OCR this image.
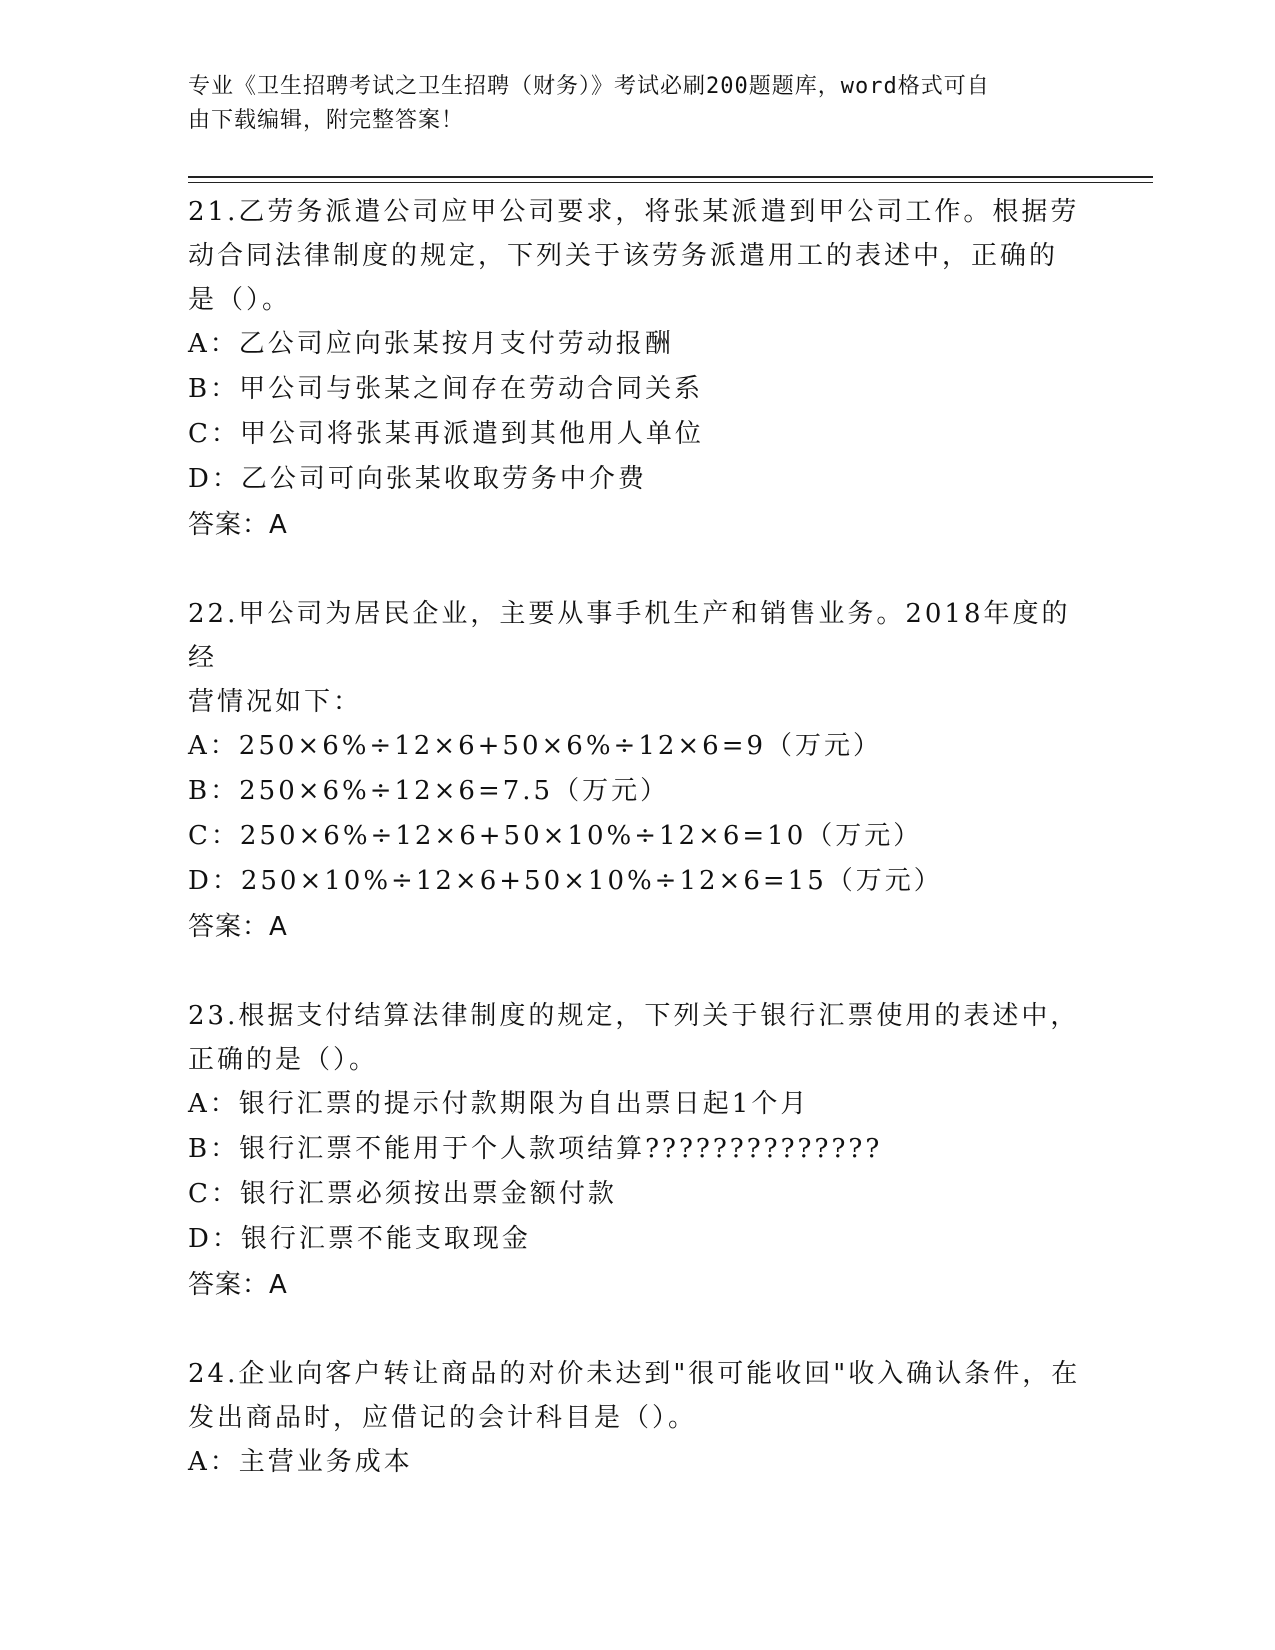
专业《卫生招聘考试之卫生招聘（财务）》考试必刷200题题库，word格式可自
由下载编辑，附完整答案！

21.乙劳务派遣公司应甲公司要求，将张某派遣到甲公司工作。根据劳

动合同法律制度的规定，下列关于该劳务派遣用工的表述中，正确的

是（）。

A：乙公司应向张某按月支付劳动报酬

B：甲公司与张某之间存在劳动合同关系

C：甲公司将张某再派遣到其他用人单位

D：乙公司可向张某收取劳务中介费

答案：A

22.甲公司为居民企业，主要从事手机生产和销售业务。2018年度的经

营情况如下：

A：250×6%÷12×6+50×6%÷12×6=9（万元）

B：250×6%÷12×6=7.5（万元）

C：250×6%÷12×6+50×10%÷12×6=10（万元）

D：250×10%÷12×6+50×10%÷12×6=15（万元）

答案：A

23.根据支付结算法律制度的规定，下列关于银行汇票使用的表述中，

正确的是（）。

A：银行汇票的提示付款期限为自出票日起1个月

B：银行汇票不能用于个人款项结算??????????????

C：银行汇票必须按出票金额付款

D：银行汇票不能支取现金

答案：A

24.企业向客户转让商品的对价未达到"很可能收回"收入确认条件，在

发出商品时，应借记的会计科目是（）。

A：主营业务成本
